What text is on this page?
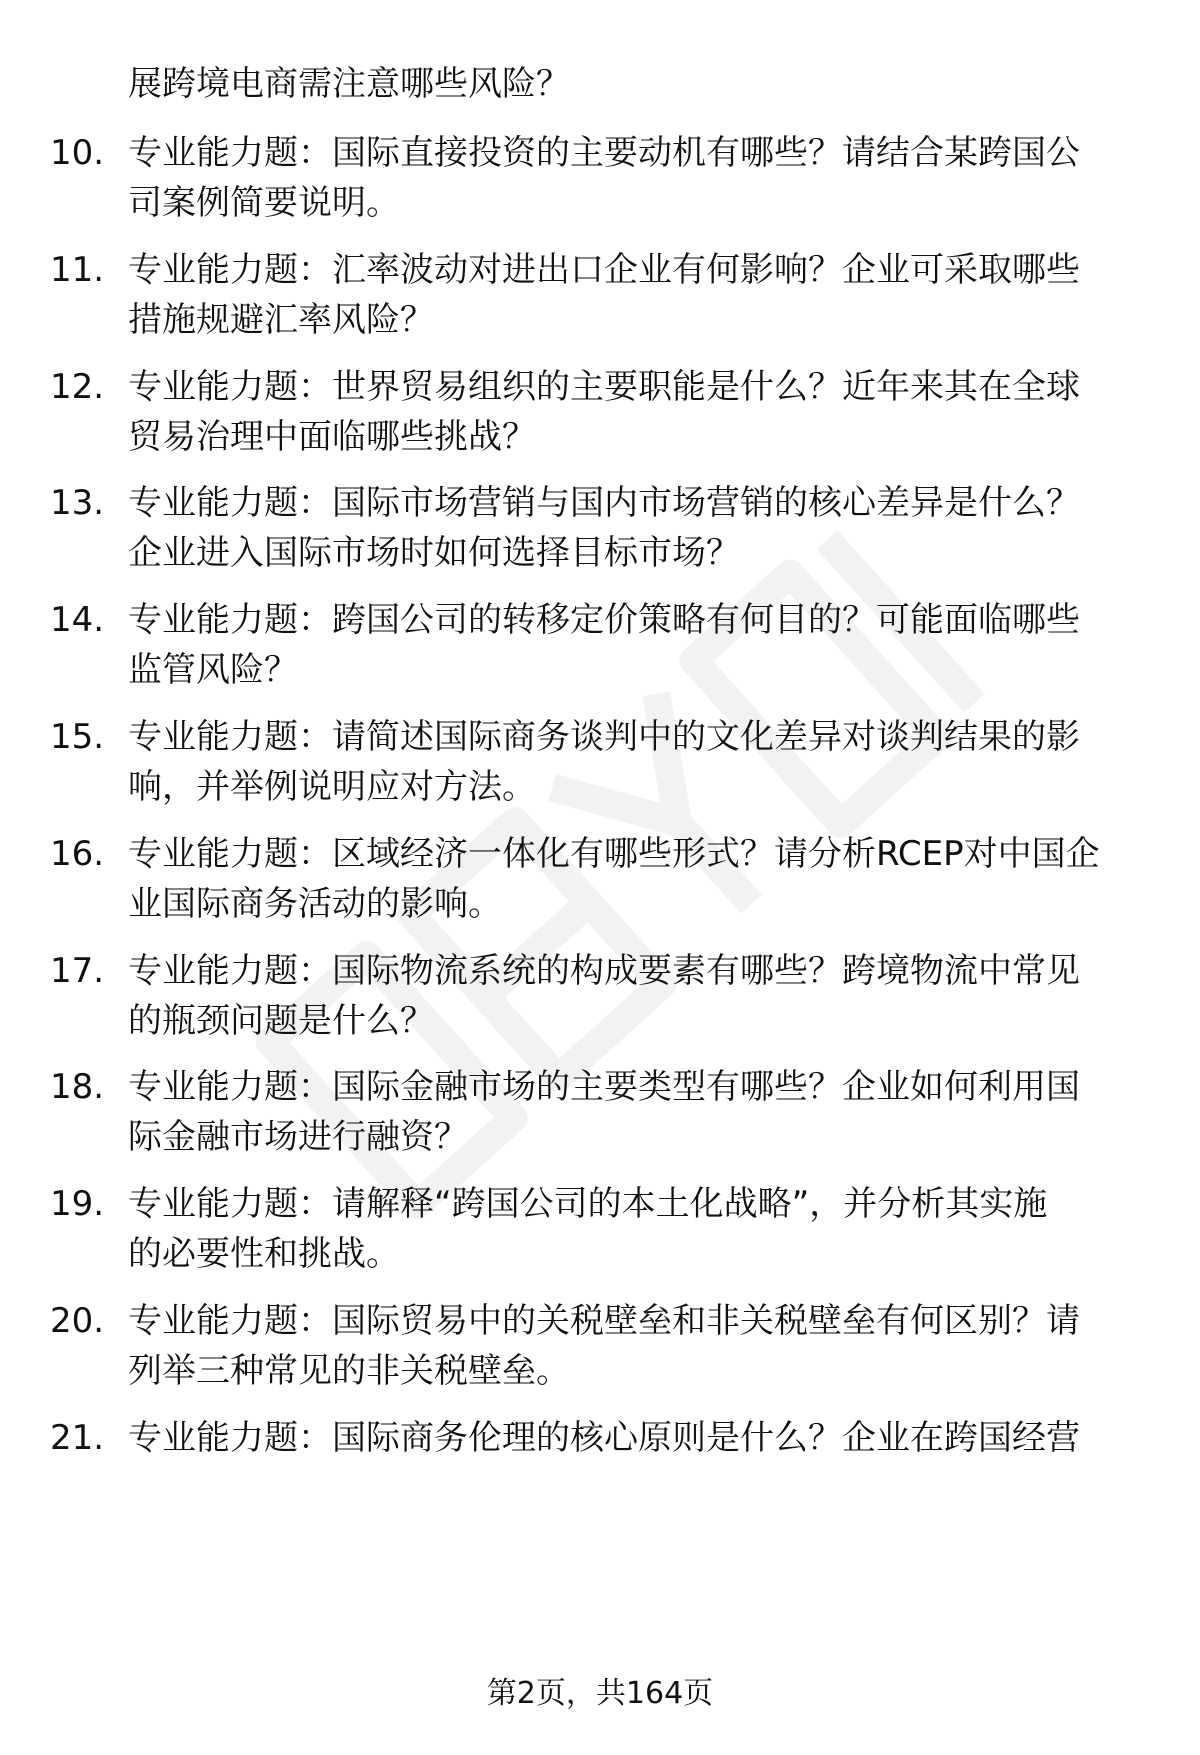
展跨境电商需注意哪些风险？
10. 专业能力题：国际直接投资的主要动机有哪些？请结合某跨国公
司案例简要说明。
11. 专业能力题：汇率波动对进出口企业有何影响？企业可采取哪些
措施规避汇率风险？
12. 专业能力题：世界贸易组织的主要职能是什么？近年来其在全球
贸易治理中面临哪些挑战？
13. 专业能力题：国际市场营销与国内市场营销的核心差异是什么？
企业进入国际市场时如何选择目标市场？
14. 专业能力题：跨国公司的转移定价策略有何目的？可能面临哪些
监管风险？
15. 专业能力题：请简述国际商务谈判中的文化差异对谈判结果的影
响，并举例说明应对方法。
16. 专业能力题：区域经济一体化有哪些形式？请分析RCEP对中国企
业国际商务活动的影响。
17. 专业能力题：国际物流系统的构成要素有哪些？跨境物流中常见
的瓶颈问题是什么？
18. 专业能力题：国际金融市场的主要类型有哪些？企业如何利用国
际金融市场进行融资？
19. 专业能力题：请解释“跨国公司的本土化战略”，并分析其实施
的必要性和挑战。
20. 专业能力题：国际贸易中的关税壁垒和非关税壁垒有何区别？请
列举三种常见的非关税壁垒。
21. 专业能力题：国际商务伦理的核心原则是什么？企业在跨国经营
第2页，共164页
